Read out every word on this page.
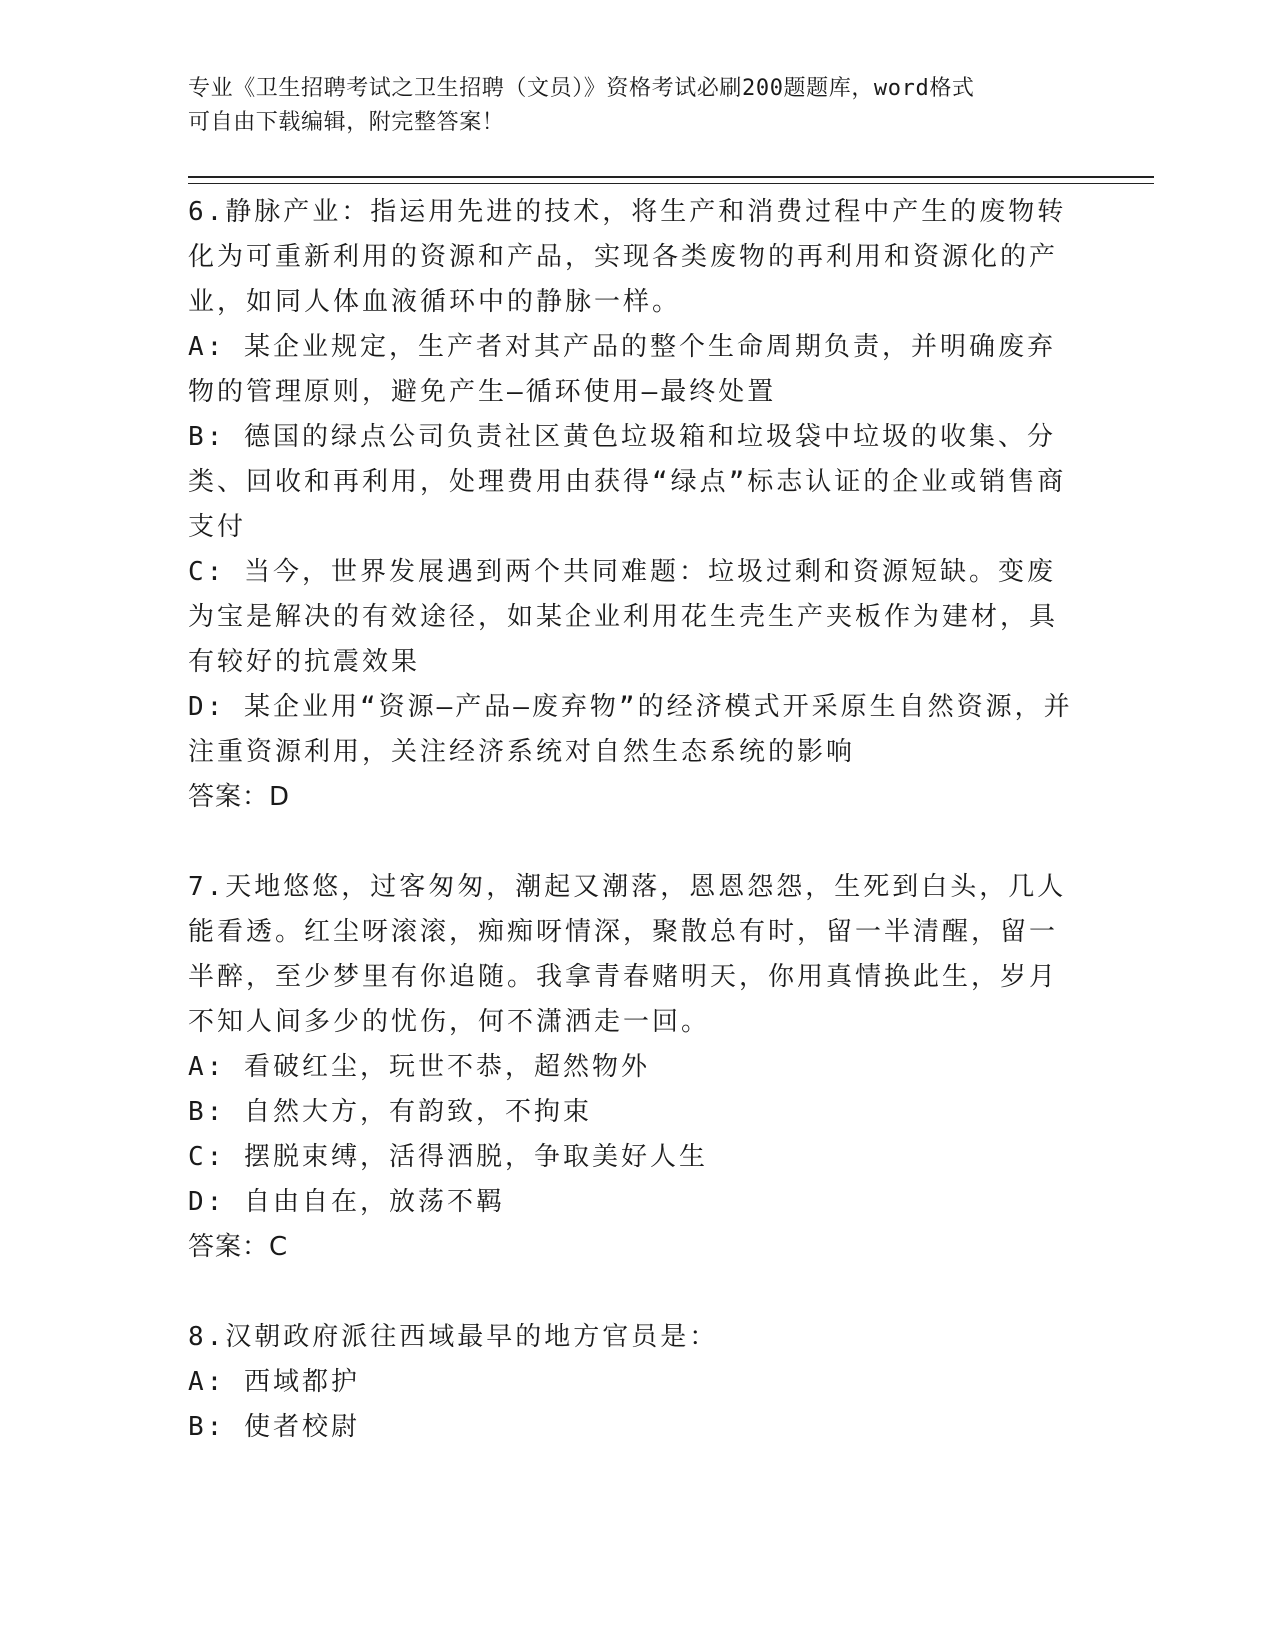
专业《卫生招聘考试之卫生招聘（文员）》资格考试必刷200题题库，word格式
可自由下载编辑，附完整答案！

6.静脉产业：指运用先进的技术，将生产和消费过程中产生的废物转化为可重新利用的资源和产品，实现各类废物的再利用和资源化的产业，如同人体血液循环中的静脉一样。

A: 某企业规定，生产者对其产品的整个生命周期负责，并明确废弃物的管理原则，避免产生—循环使用—最终处置

B: 德国的绿点公司负责社区黄色垃圾箱和垃圾袋中垃圾的收集、分类、回收和再利用，处理费用由获得“绿点”标志认证的企业或销售商支付

C: 当今，世界发展遇到两个共同难题：垃圾过剩和资源短缺。变废为宝是解决的有效途径，如某企业利用花生壳生产夹板作为建材，具有较好的抗震效果

D: 某企业用“资源—产品—废弃物”的经济模式开采原生自然资源，并注重资源利用，关注经济系统对自然生态系统的影响

答案：D

7.天地悠悠，过客匆匆，潮起又潮落，恩恩怨怨，生死到白头，几人能看透。红尘呀滚滚，痴痴呀情深，聚散总有时，留一半清醒，留一半醉，至少梦里有你追随。我拿青春赌明天，你用真情换此生，岁月不知人间多少的忧伤，何不潇洒走一回。

A: 看破红尘，玩世不恭，超然物外

B: 自然大方，有韵致，不拘束

C: 摆脱束缚，活得洒脱，争取美好人生

D: 自由自在，放荡不羁

答案：C

8.汉朝政府派往西域最早的地方官员是：

A: 西域都护

B: 使者校尉
